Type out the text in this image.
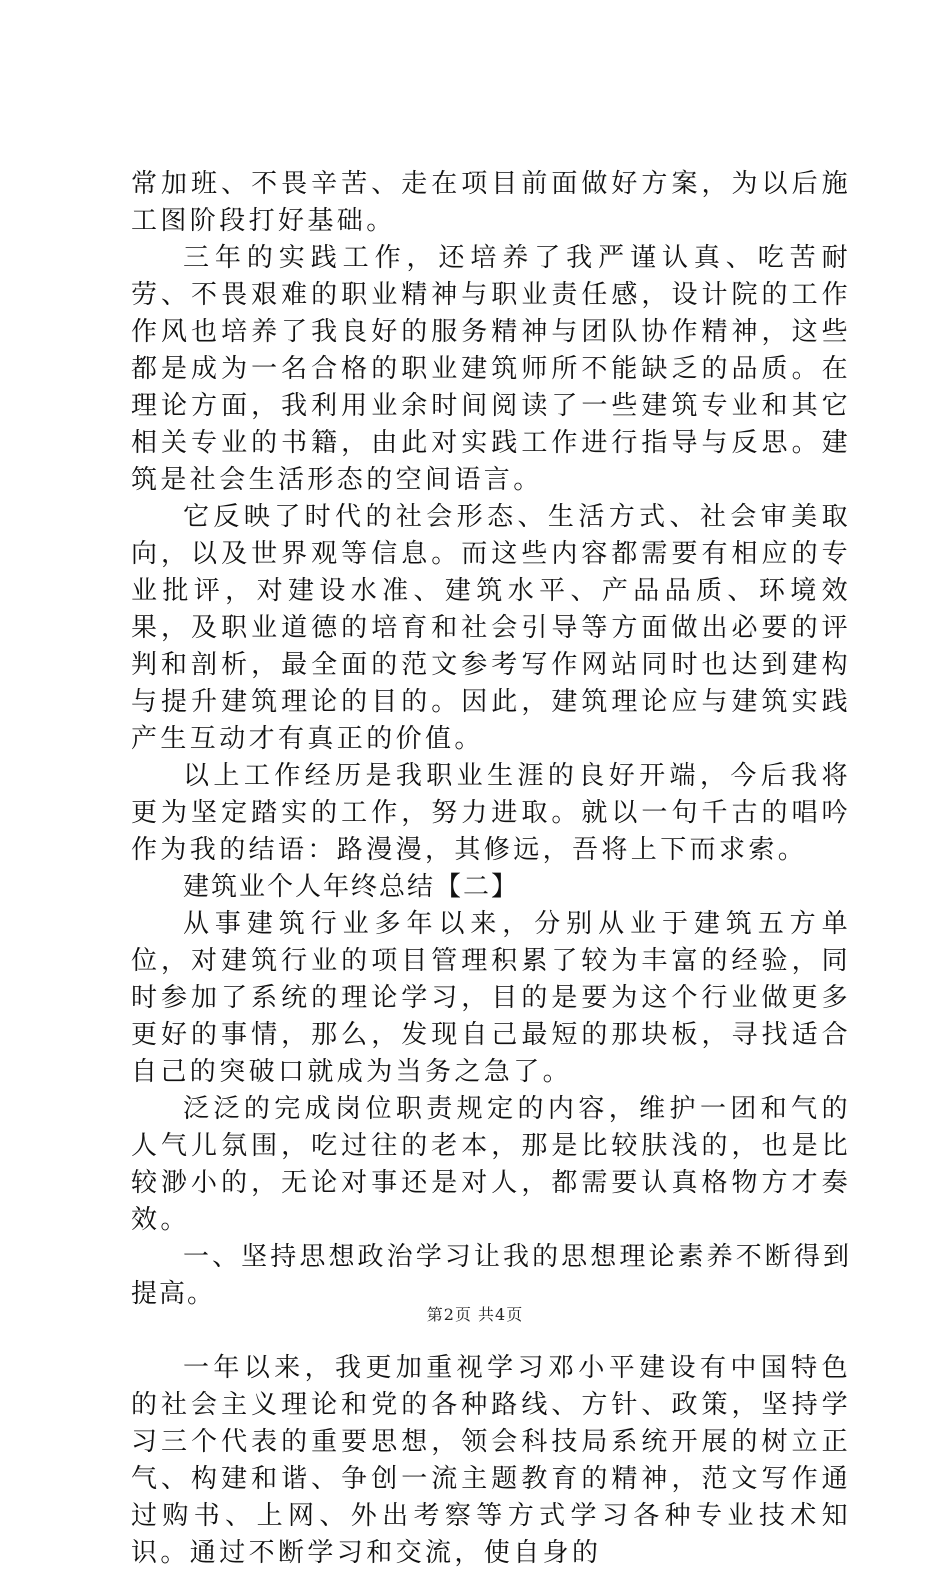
常加班、不畏辛苦、走在项目前面做好方案，为以后施工图阶段打好基础。

三年的实践工作，还培养了我严谨认真、吃苦耐劳、不畏艰难的职业精神与职业责任感，设计院的工作作风也培养了我良好的服务精神与团队协作精神，这些都是成为一名合格的职业建筑师所不能缺乏的品质。在理论方面，我利用业余时间阅读了一些建筑专业和其它相关专业的书籍，由此对实践工作进行指导与反思。建筑是社会生活形态的空间语言。

它反映了时代的社会形态、生活方式、社会审美取向，以及世界观等信息。而这些内容都需要有相应的专业批评，对建设水准、建筑水平、产品品质、环境效果，及职业道德的培育和社会引导等方面做出必要的评判和剖析，最全面的范文参考写作网站同时也达到建构与提升建筑理论的目的。因此，建筑理论应与建筑实践产生互动才有真正的价值。

以上工作经历是我职业生涯的良好开端，今后我将更为坚定踏实的工作，努力进取。就以一句千古的唱吟作为我的结语：路漫漫，其修远，吾将上下而求索。

建筑业个人年终总结【二】

从事建筑行业多年以来，分别从业于建筑五方单位，对建筑行业的项目管理积累了较为丰富的经验，同时参加了系统的理论学习，目的是要为这个行业做更多更好的事情，那么，发现自己最短的那块板，寻找适合自己的突破口就成为当务之急了。

泛泛的完成岗位职责规定的内容，维护一团和气的人气儿氛围，吃过往的老本，那是比较肤浅的，也是比较渺小的，无论对事还是对人，都需要认真格物方才奏效。

一、坚持思想政治学习让我的思想理论素养不断得到提高。

一年以来，我更加重视学习邓小平建设有中国特色的社会主义理论和党的各种路线、方针、政策，坚持学习三个代表的重要思想，领会科技局系统开展的树立正气、构建和谐、争创一流主题教育的精神，范文写作通过购书、上网、外出考察等方式学习各种专业技术知识。通过不断学习和交流，使自身的

第2页 共4页
